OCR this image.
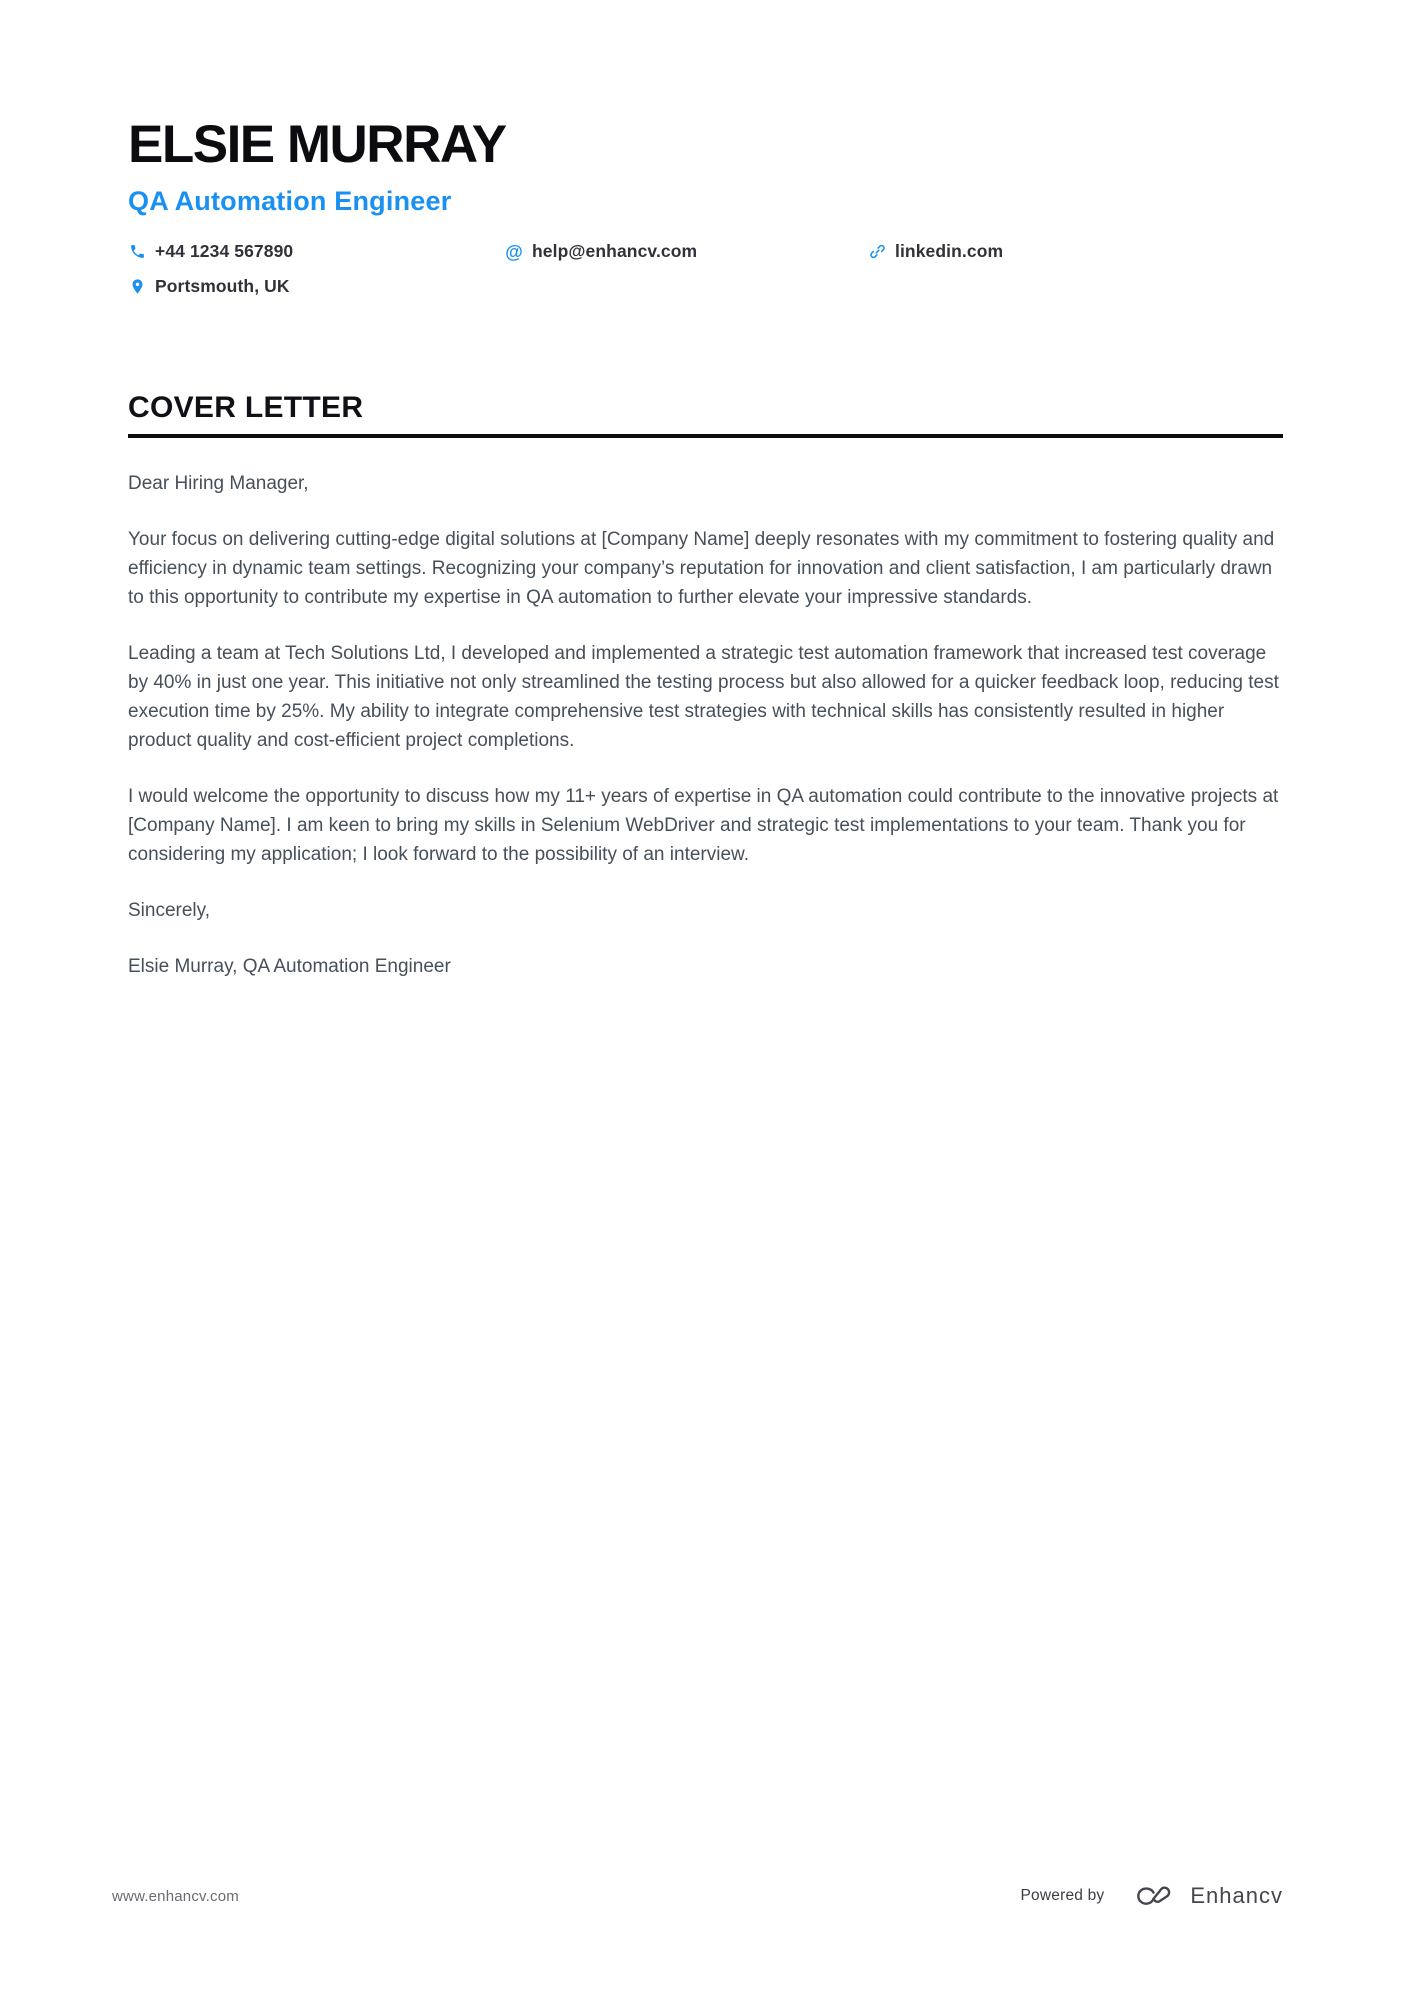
ELSIE MURRAY
QA Automation Engineer
+44 1234 567890	@ help@enhancv.com	linkedin.com
Portsmouth, UK
COVER LETTER

Dear Hiring Manager,

Your focus on delivering cutting-edge digital solutions at [Company Name] deeply resonates with my commitment to fostering quality and efficiency in dynamic team settings. Recognizing your company’s reputation for innovation and client satisfaction, I am particularly drawn to this opportunity to contribute my expertise in QA automation to further elevate your impressive standards.

Leading a team at Tech Solutions Ltd, I developed and implemented a strategic test automation framework that increased test coverage by 40% in just one year. This initiative not only streamlined the testing process but also allowed for a quicker feedback loop, reducing test execution time by 25%. My ability to integrate comprehensive test strategies with technical skills has consistently resulted in higher product quality and cost-efficient project completions.

I would welcome the opportunity to discuss how my 11+ years of expertise in QA automation could contribute to the innovative projects at [Company Name]. I am keen to bring my skills in Selenium WebDriver and strategic test implementations to your team. Thank you for considering my application; I look forward to the possibility of an interview.

Sincerely,

Elsie Murray, QA Automation Engineer

www.enhancv.com	Powered by	Enhancv
